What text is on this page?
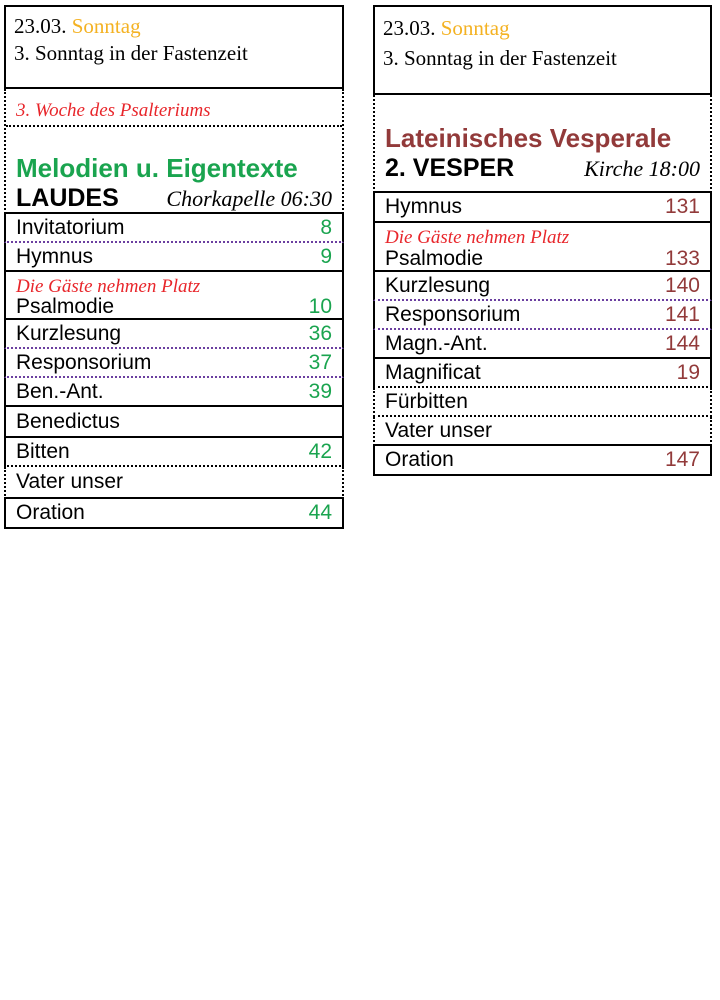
23.03. Sonntag
3. Sonntag in der Fastenzeit
3. Woche des Psalteriums
Melodien u. Eigentexte
LAUDES Chorkapelle 06:30
Invitatorium	8
Hymnus	9
Die Gäste nehmen Platz
Psalmodie	10
Kurzlesung	36
Responsorium	37
Ben.-Ant.	39
Benedictus
Bitten	42
Vater unser
Oration	44
23.03. Sonntag
3. Sonntag in der Fastenzeit
Lateinisches Vesperale
2. VESPER	Kirche 18:00
Hymnus	131
Die Gäste nehmen Platz
Psalmodie	133
Kurzlesung	140
Responsorium	141
Magn.-Ant.	144
Magnificat	19
Fürbitten
Vater unser
Oration	147
